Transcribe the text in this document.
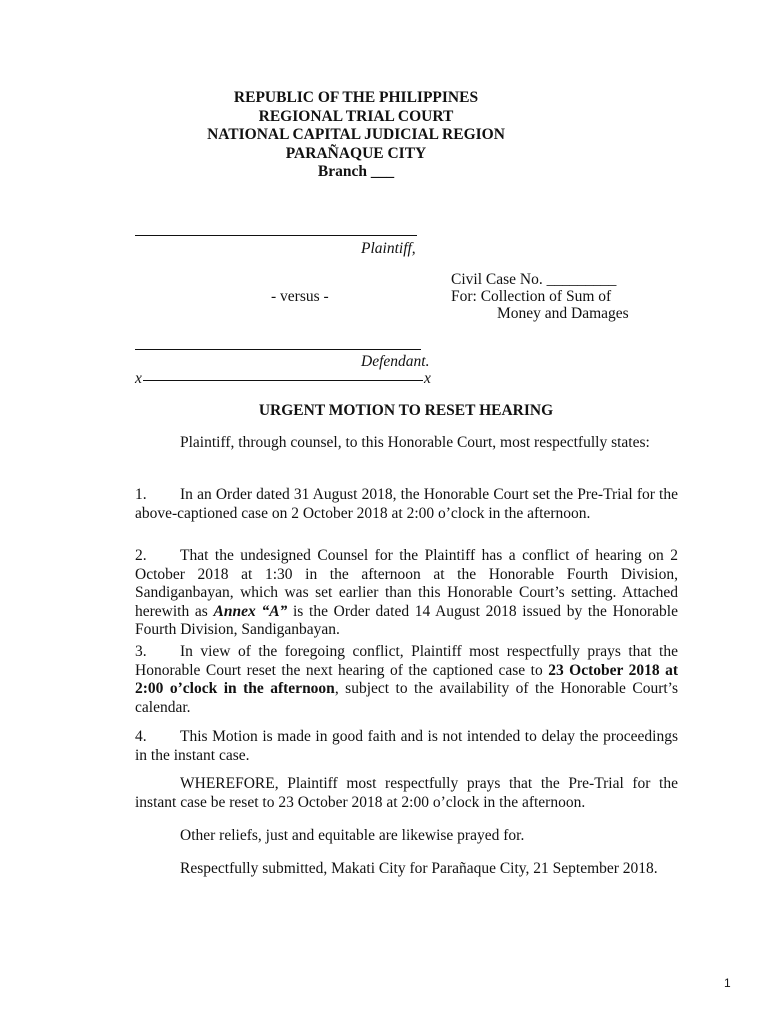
REPUBLIC OF THE PHILIPPINES
REGIONAL TRIAL COURT
NATIONAL CAPITAL JUDICIAL REGION
PARAÑAQUE CITY
Branch ___
Plaintiff,
Civil Case No. _________
- versus -	For: Collection of Sum of
Money and Damages
Defendant.
x	x
URGENT MOTION TO RESET HEARING

Plaintiff, through counsel, to this Honorable Court, most respectfully states:

1. In an Order dated 31 August 2018, the Honorable Court set the Pre-Trial for the above-captioned case on 2 October 2018 at 2:00 o’clock in the afternoon.

2. That the undesigned Counsel for the Plaintiff has a conflict of hearing on 2 October 2018 at 1:30 in the afternoon at the Honorable Fourth Division, Sandiganbayan, which was set earlier than this Honorable Court’s setting. Attached herewith as Annex “A” is the Order dated 14 August 2018 issued by the Honorable Fourth Division, Sandiganbayan.

3. In view of the foregoing conflict, Plaintiff most respectfully prays that the Honorable Court reset the next hearing of the captioned case to 23 October 2018 at 2:00 o’clock in the afternoon, subject to the availability of the Honorable Court’s calendar.

4. This Motion is made in good faith and is not intended to delay the proceedings in the instant case.

WHEREFORE, Plaintiff most respectfully prays that the Pre-Trial for the instant case be reset to 23 October 2018 at 2:00 o’clock in the afternoon.

Other reliefs, just and equitable are likewise prayed for.

Respectfully submitted, Makati City for Parañaque City, 21 September 2018.

1
